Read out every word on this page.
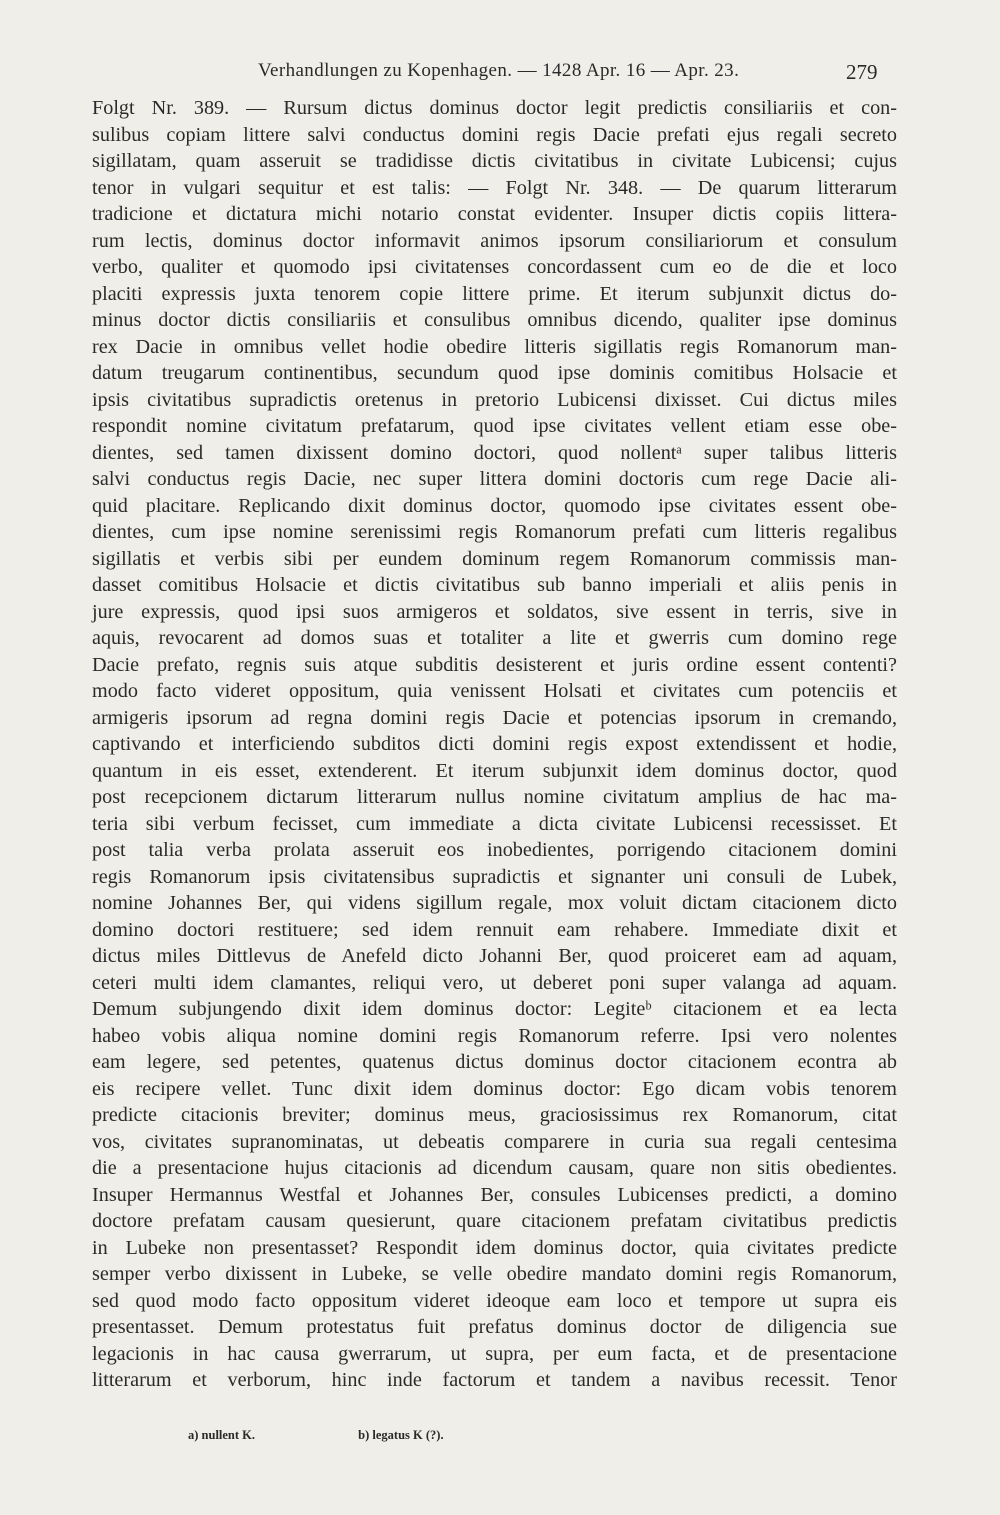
Verhandlungen zu Kopenhagen. — 1428 Apr. 16 — Apr. 23.	279
Folgt Nr. 389. — Rursum dictus dominus doctor legit predictis consiliariis et con-
sulibus copiam littere salvi conductus domini regis Dacie prefati ejus regali secreto
sigillatam, quam asseruit se tradidisse dictis civitatibus in civitate Lubicensi; cujus
tenor in vulgari sequitur et est talis: — Folgt Nr. 348. — De quarum litterarum
tradicione et dictatura michi notario constat evidenter. Insuper dictis copiis littera-
rum lectis, dominus doctor informavit animos ipsorum consiliariorum et consulum
verbo, qualiter et quomodo ipsi civitatenses concordassent cum eo de die et loco
placiti expressis juxta tenorem copie littere prime. Et iterum subjunxit dictus do-
minus doctor dictis consiliariis et consulibus omnibus dicendo, qualiter ipse dominus
rex Dacie in omnibus vellet hodie obedire litteris sigillatis regis Romanorum man-
datum treugarum continentibus, secundum quod ipse dominis comitibus Holsacie et
ipsis civitatibus supradictis oretenus in pretorio Lubicensi dixisset. Cui dictus miles
respondit nomine civitatum prefatarum, quod ipse civitates vellent etiam esse obe-
dientes, sed tamen dixissent domino doctori, quod nollentᵃ super talibus litteris
salvi conductus regis Dacie, nec super littera domini doctoris cum rege Dacie ali-
quid placitare. Replicando dixit dominus doctor, quomodo ipse civitates essent obe-
dientes, cum ipse nomine serenissimi regis Romanorum prefati cum litteris regalibus
sigillatis et verbis sibi per eundem dominum regem Romanorum commissis man-
dasset comitibus Holsacie et dictis civitatibus sub banno imperiali et aliis penis in
jure expressis, quod ipsi suos armigeros et soldatos, sive essent in terris, sive in
aquis, revocarent ad domos suas et totaliter a lite et gwerris cum domino rege
Dacie prefato, regnis suis atque subditis desisterent et juris ordine essent contenti?
modo facto videret oppositum, quia venissent Holsati et civitates cum potenciis et
armigeris ipsorum ad regna domini regis Dacie et potencias ipsorum in cremando,
captivando et interficiendo subditos dicti domini regis expost extendissent et hodie,
quantum in eis esset, extenderent. Et iterum subjunxit idem dominus doctor, quod
post recepcionem dictarum litterarum nullus nomine civitatum amplius de hac ma-
teria sibi verbum fecisset, cum immediate a dicta civitate Lubicensi recessisset. Et
post talia verba prolata asseruit eos inobedientes, porrigendo citacionem domini
regis Romanorum ipsis civitatensibus supradictis et signanter uni consuli de Lubek,
nomine Johannes Ber, qui videns sigillum regale, mox voluit dictam citacionem dicto
domino doctori restituere; sed idem rennuit eam rehabere. Immediate dixit et
dictus miles Dittlevus de Anefeld dicto Johanni Ber, quod proiceret eam ad aquam,
ceteri multi idem clamantes, reliqui vero, ut deberet poni super valanga ad aquam.
Demum subjungendo dixit idem dominus doctor: Legiteᵇ citacionem et ea lecta
habeo vobis aliqua nomine domini regis Romanorum referre. Ipsi vero nolentes
eam legere, sed petentes, quatenus dictus dominus doctor citacionem econtra ab
eis recipere vellet. Tunc dixit idem dominus doctor: Ego dicam vobis tenorem
predicte citacionis breviter; dominus meus, graciosissimus rex Romanorum, citat
vos, civitates supranominatas, ut debeatis comparere in curia sua regali centesima
die a presentacione hujus citacionis ad dicendum causam, quare non sitis obedientes.
Insuper Hermannus Westfal et Johannes Ber, consules Lubicenses predicti, a domino
doctore prefatam causam quesierunt, quare citacionem prefatam civitatibus predictis
in Lubeke non presentasset? Respondit idem dominus doctor, quia civitates predicte
semper verbo dixissent in Lubeke, se velle obedire mandato domini regis Romanorum,
sed quod modo facto oppositum videret ideoque eam loco et tempore ut supra eis
presentasset. Demum protestatus fuit prefatus dominus doctor de diligencia sue
legacionis in hac causa gwerrarum, ut supra, per eum facta, et de presentacione
litterarum et verborum, hinc inde factorum et tandem a navibus recessit. Tenor
a) nullent K.	b) legatus K (?).
